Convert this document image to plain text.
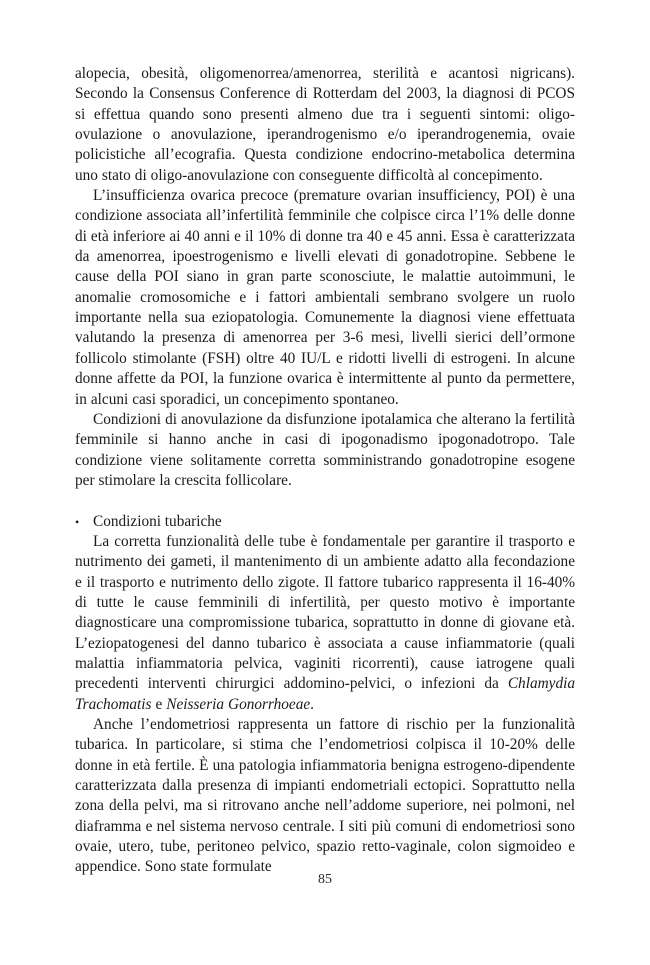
alopecia, obesità, oligomenorrea/amenorrea, sterilità e acantosi nigricans). Secondo la Consensus Conference di Rotterdam del 2003, la diagnosi di PCOS si effettua quando sono presenti almeno due tra i seguenti sintomi: oligo-ovulazione o anovulazione, iperandrogenismo e/o iperandrogenemia, ovaie policistiche all’ecografia. Questa condizione endocrino-metabolica determina uno stato di oligo-anovulazione con conseguente difficoltà al concepimento.

L’insufficienza ovarica precoce (premature ovarian insufficiency, POI) è una condizione associata all’infertilità femminile che colpisce circa l’1% delle donne di età inferiore ai 40 anni e il 10% di donne tra 40 e 45 anni. Essa è caratterizzata da amenorrea, ipoestrogenismo e livelli elevati di gonadotropine. Sebbene le cause della POI siano in gran parte sconosciute, le malattie autoimmuni, le anomalie cromosomiche e i fattori ambientali sembrano svolgere un ruolo importante nella sua eziopatologia. Comunemente la diagnosi viene effettuata valutando la presenza di amenorrea per 3-6 mesi, livelli sierici dell’ormone follicolo stimolante (FSH) oltre 40 IU/L e ridotti livelli di estrogeni. In alcune donne affette da POI, la funzione ovarica è intermittente al punto da permettere, in alcuni casi sporadici, un concepimento spontaneo.

Condizioni di anovulazione da disfunzione ipotalamica che alterano la fertilità femminile si hanno anche in casi di ipogonadismo ipogonadotropo. Tale condizione viene solitamente corretta somministrando gonadotropine esogene per stimolare la crescita follicolare.

• Condizioni tubariche

La corretta funzionalità delle tube è fondamentale per garantire il trasporto e nutrimento dei gameti, il mantenimento di un ambiente adatto alla fecondazione e il trasporto e nutrimento dello zigote. Il fattore tubarico rappresenta il 16-40% di tutte le cause femminili di infertilità, per questo motivo è importante diagnosticare una compromissione tubarica, soprattutto in donne di giovane età. L’eziopatogenesi del danno tubarico è associata a cause infiammatorie (quali malattia infiammatoria pelvica, vaginiti ricorrenti), cause iatrogene quali precedenti interventi chirurgici addomino-pelvici, o infezioni da Chlamydia Trachomatis e Neisseria Gonorrhoeae.

Anche l’endometriosi rappresenta un fattore di rischio per la funzionalità tubarica. In particolare, si stima che l’endometriosi colpisca il 10-20% delle donne in età fertile. È una patologia infiammatoria benigna estrogeno-dipendente caratterizzata dalla presenza di impianti endometriali ectopici. Soprattutto nella zona della pelvi, ma si ritrovano anche nell’addome superiore, nei polmoni, nel diaframma e nel sistema nervoso centrale. I siti più comuni di endometriosi sono ovaie, utero, tube, peritoneo pelvico, spazio retto-vaginale, colon sigmoideo e appendice. Sono state formulate

85
